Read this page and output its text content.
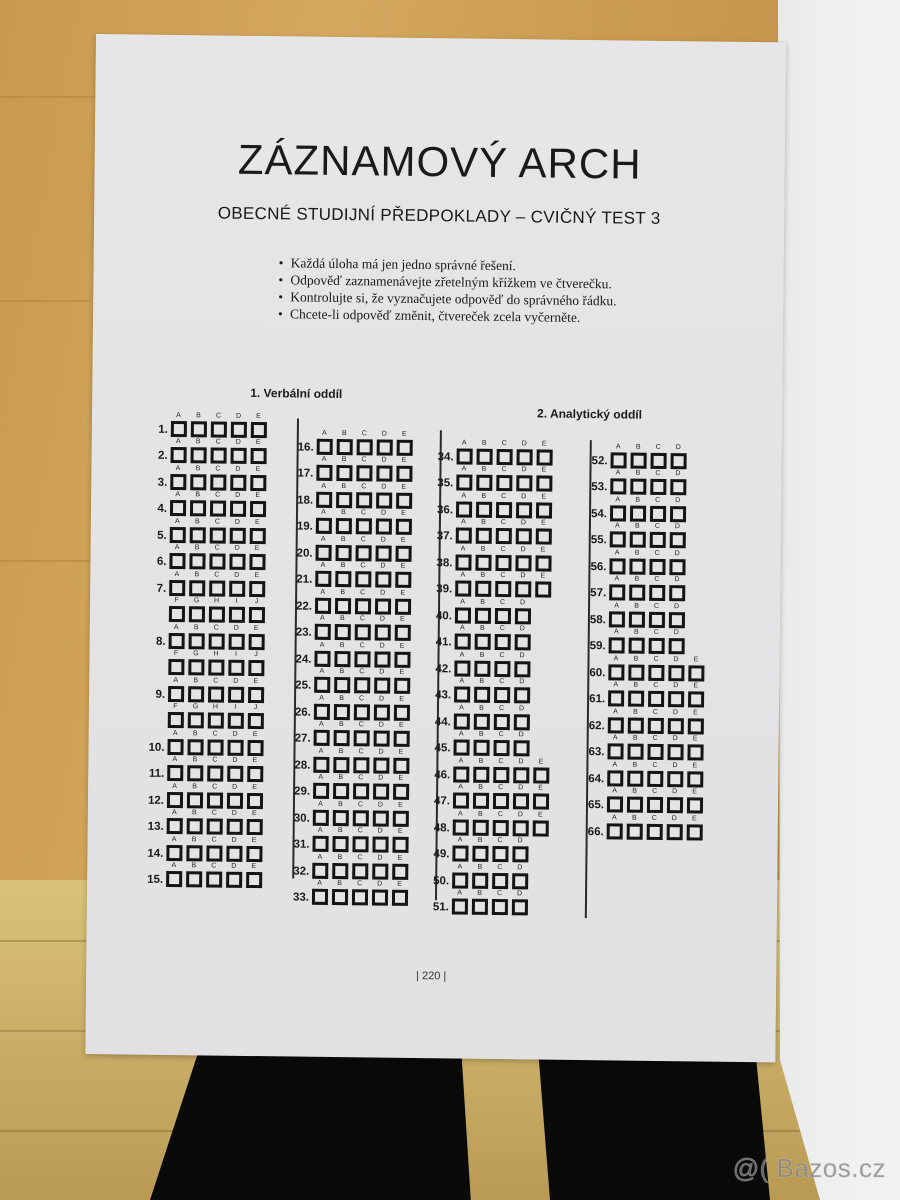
ZÁZNAMOVÝ ARCH
OBECNÉ STUDIJNÍ PŘEDPOKLADY – CVIČNÝ TEST 3
• Každá úloha má jen jedno správné řešení.
• Odpověď zaznamenávejte zřetelným křížkem ve čtverečku.
• Kontrolujte si, že vyznačujete odpověď do správného řádku.
• Chcete-li odpověď změnit, čtvereček zcela vyčerněte.
1. Verbální oddíl
2. Analytický oddíl
1.
A	B	C	D	E
2.
A	B	C	D	E
3.
A	B	C	D	E
4.
A	B	C	D	E
5.
A	B	C	D	E
6.
A	B	C	D	E
7.
A	B	C	D	E
F	G	H	I	J
8.
A	B	C	D	E
F	G	H	I	J
9.
A	B	C	D	E
F	G	H	I	J
10.
A	B	C	D	E
11.
A	B	C	D	E
12.
A	B	C	D	E
13.
A	B	C	D	E
14.
A	B	C	D	E
15.
A	B	C	D	E
16.
A	B	C	D	E
17.
A	B	C	D	E
18.
A	B	C	D	E
19.
A	B	C	D	E
20.
A	B	C	D	E
21.
A	B	C	D	E
22.
A	B	C	D	E
23.
A	B	C	D	E
24.
A	B	C	D	E
25.
A	B	C	D	E
26.
A	B	C	D	E
27.
A	B	C	D	E
28.
A	B	C	D	E
29.
A	B	C	D	E
30.
A	B	C	D	E
31.
A	B	C	D	E
32.
A	B	C	D	E
33.
A	B	C	D	E
34.
A	B	C	D	E
35.
A	B	C	D	E
36.
A	B	C	D	E
37.
A	B	C	D	E
38.
A	B	C	D	E
39.
A	B	C	D	E
40.
A	B	C	D
41.
A	B	C	D
42.
A	B	C	D
43.
A	B	C	D
44.
A	B	C	D
45.
A	B	C	D
46.
A	B	C	D	E
47.
A	B	C	D	E
48.
A	B	C	D	E
49.
A	B	C	D
50.
A	B	C	D
51.
A	B	C	D
52.
A	B	C	D
53.
A	B	C	D
54.
A	B	C	D
55.
A	B	C	D
56.
A	B	C	D
57.
A	B	C	D
58.
A	B	C	D
59.
A	B	C	D
60.
A	B	C	D	E
61.
A	B	C	D	E
62.
A	B	C	D	E
63.
A	B	C	D	E
64.
A	B	C	D	E
65.
A	B	C	D	E
66.
A	B	C	D	E
| 220 |
@( Bazos.cz
